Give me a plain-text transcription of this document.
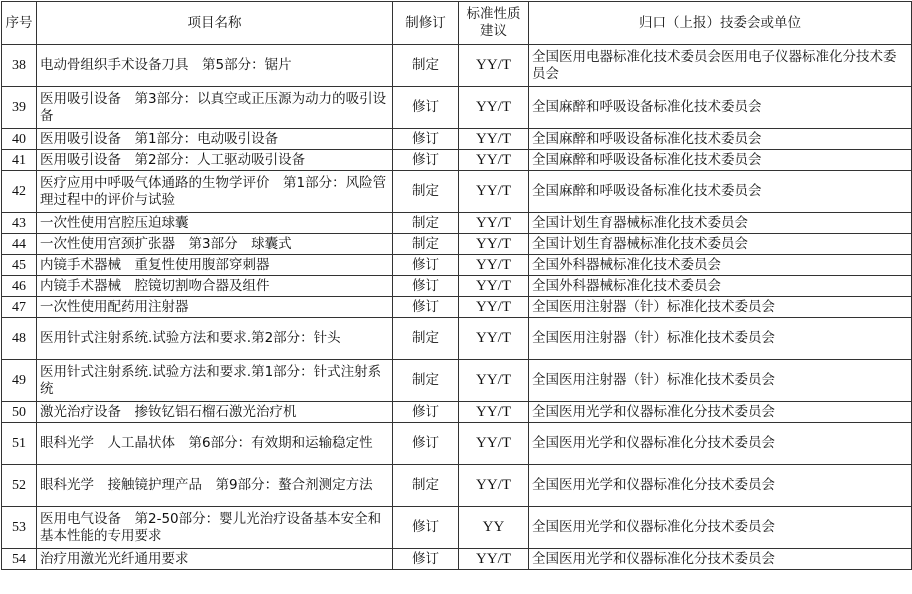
序号	项目名称	制修订	标准性质建议	归口（上报）技委会或单位
38	电动骨组织手术设备刀具　第5部分：锯片	制定	YY/T	全国医用电器标准化技术委员会医用电子仪器标准化分技术委员会
39	医用吸引设备　第3部分：以真空或正压源为动力的吸引设备	修订	YY/T	全国麻醉和呼吸设备标准化技术委员会
40	医用吸引设备　第1部分：电动吸引设备	修订	YY/T	全国麻醉和呼吸设备标准化技术委员会
41	医用吸引设备　第2部分：人工驱动吸引设备	修订	YY/T	全国麻醉和呼吸设备标准化技术委员会
42	医疗应用中呼吸气体通路的生物学评价　第1部分：风险管理过程中的评价与试验	制定	YY/T	全国麻醉和呼吸设备标准化技术委员会
43	一次性使用宫腔压迫球囊	制定	YY/T	全国计划生育器械标准化技术委员会
44	一次性使用宫颈扩张器　第3部分　球囊式	制定	YY/T	全国计划生育器械标准化技术委员会
45	内镜手术器械　重复性使用腹部穿刺器	修订	YY/T	全国外科器械标准化技术委员会
46	内镜手术器械　腔镜切割吻合器及组件	修订	YY/T	全国外科器械标准化技术委员会
47	一次性使用配药用注射器	修订	YY/T	全国医用注射器（针）标准化技术委员会
48	医用针式注射系统.试验方法和要求.第2部分：针头	制定	YY/T	全国医用注射器（针）标准化技术委员会
49	医用针式注射系统.试验方法和要求.第1部分：针式注射系统	制定	YY/T	全国医用注射器（针）标准化技术委员会
50	激光治疗设备　掺钕钇铝石榴石激光治疗机	修订	YY/T	全国医用光学和仪器标准化分技术委员会
51	眼科光学　人工晶状体　第6部分：有效期和运输稳定性	修订	YY/T	全国医用光学和仪器标准化分技术委员会
52	眼科光学　接触镜护理产品　第9部分：螯合剂测定方法	制定	YY/T	全国医用光学和仪器标准化分技术委员会
53	医用电气设备　第2-50部分：婴儿光治疗设备基本安全和基本性能的专用要求	修订	YY	全国医用光学和仪器标准化分技术委员会
54	治疗用激光光纤通用要求	修订	YY/T	全国医用光学和仪器标准化分技术委员会
